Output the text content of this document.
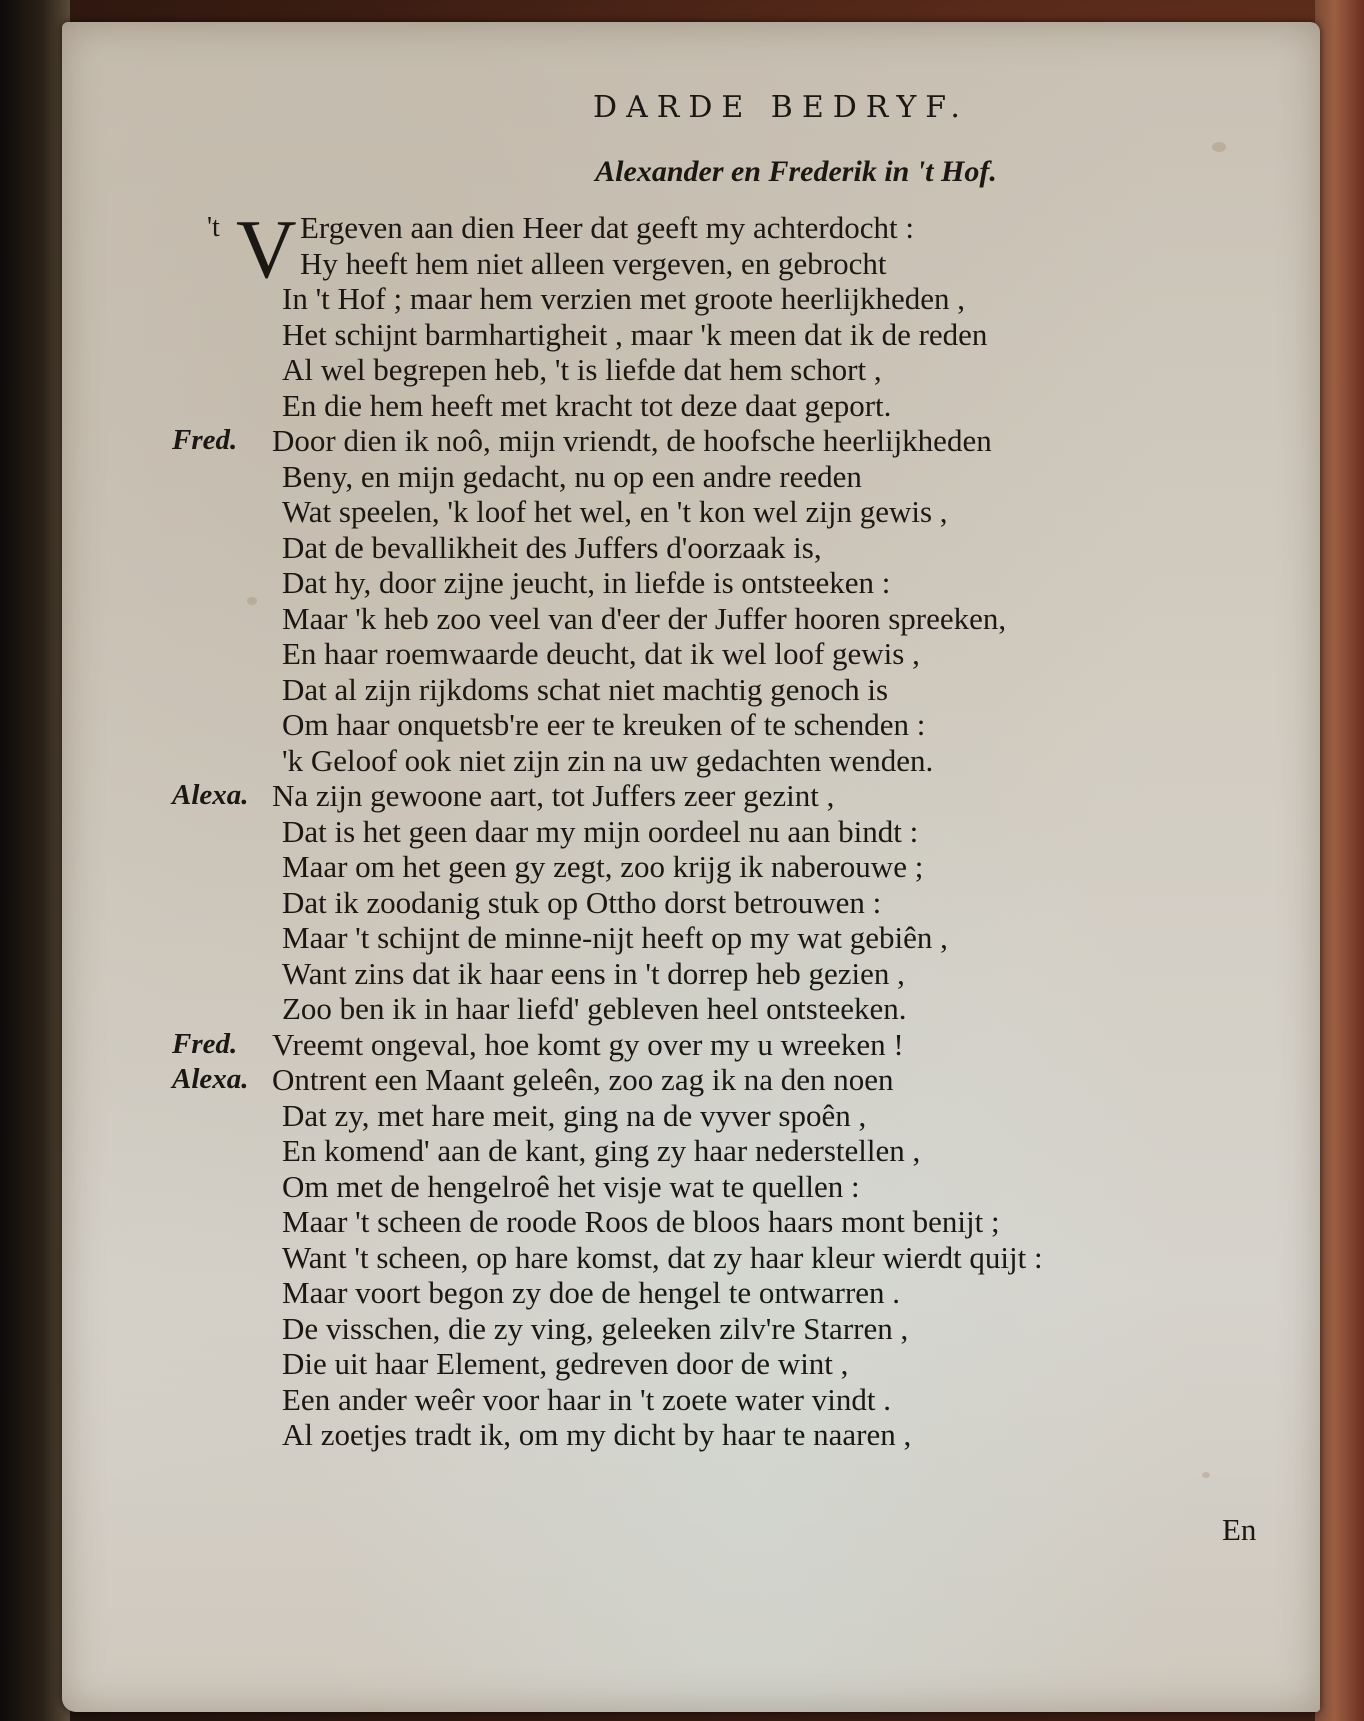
DARDE BEDRYF.
Alexander en Frederik in 't Hof.
't V Ergeven aan dien Heer dat geeft my achterdocht :
Hy heeft hem niet alleen vergeven, en gebrocht
In 't Hof ; maar hem verzien met groote heerlijkheden ,
Het schijnt barmhartigheit , maar 'k meen dat ik de reden
Al wel begrepen heb, 't is liefde dat hem schort ,
En die hem heeft met kracht tot deze daat geport.
Fred. Door dien ik noô, mijn vriendt, de hoofsche heerlijkheden
Beny, en mijn gedacht, nu op een andre reeden
Wat speelen, 'k loof het wel, en 't kon wel zijn gewis ,
Dat de bevallikheit des Juffers d'oorzaak is,
Dat hy, door zijne jeucht, in liefde is ontsteeken :
Maar 'k heb zoo veel van d'eer der Juffer hooren spreeken,
En haar roemwaarde deucht, dat ik wel loof gewis ,
Dat al zijn rijkdoms schat niet machtig genoch is
Om haar onquetsb're eer te kreuken of te schenden :
'k Geloof ook niet zijn zin na uw gedachten wenden.
Alexa. Na zijn gewoone aart, tot Juffers zeer gezint ,
Dat is het geen daar my mijn oordeel nu aan bindt :
Maar om het geen gy zegt, zoo krijg ik naberouwe ;
Dat ik zoodanig stuk op Ottho dorst betrouwen :
Maar 't schijnt de minne-nijt heeft op my wat gebiên ,
Want zins dat ik haar eens in 't dorrep heb gezien ,
Zoo ben ik in haar liefd' gebleven heel ontsteeken.
Fred. Vreemt ongeval, hoe komt gy over my u wreeken !
Alexa. Ontrent een Maant geleên, zoo zag ik na den noen
Dat zy, met hare meit, ging na de vyver spoên ,
En komend' aan de kant, ging zy haar nederstellen ,
Om met de hengelroê het visje wat te quellen :
Maar 't scheen de roode Roos de bloos haars mont benijt ;
Want 't scheen, op hare komst, dat zy haar kleur wierdt quijt :
Maar voort begon zy doe de hengel te ontwarren .
De visschen, die zy ving, geleeken zilv're Starren ,
Die uit haar Element, gedreven door de wint ,
Een ander weêr voor haar in 't zoete water vindt .
Al zoetjes tradt ik, om my dicht by haar te naaren ,
En
